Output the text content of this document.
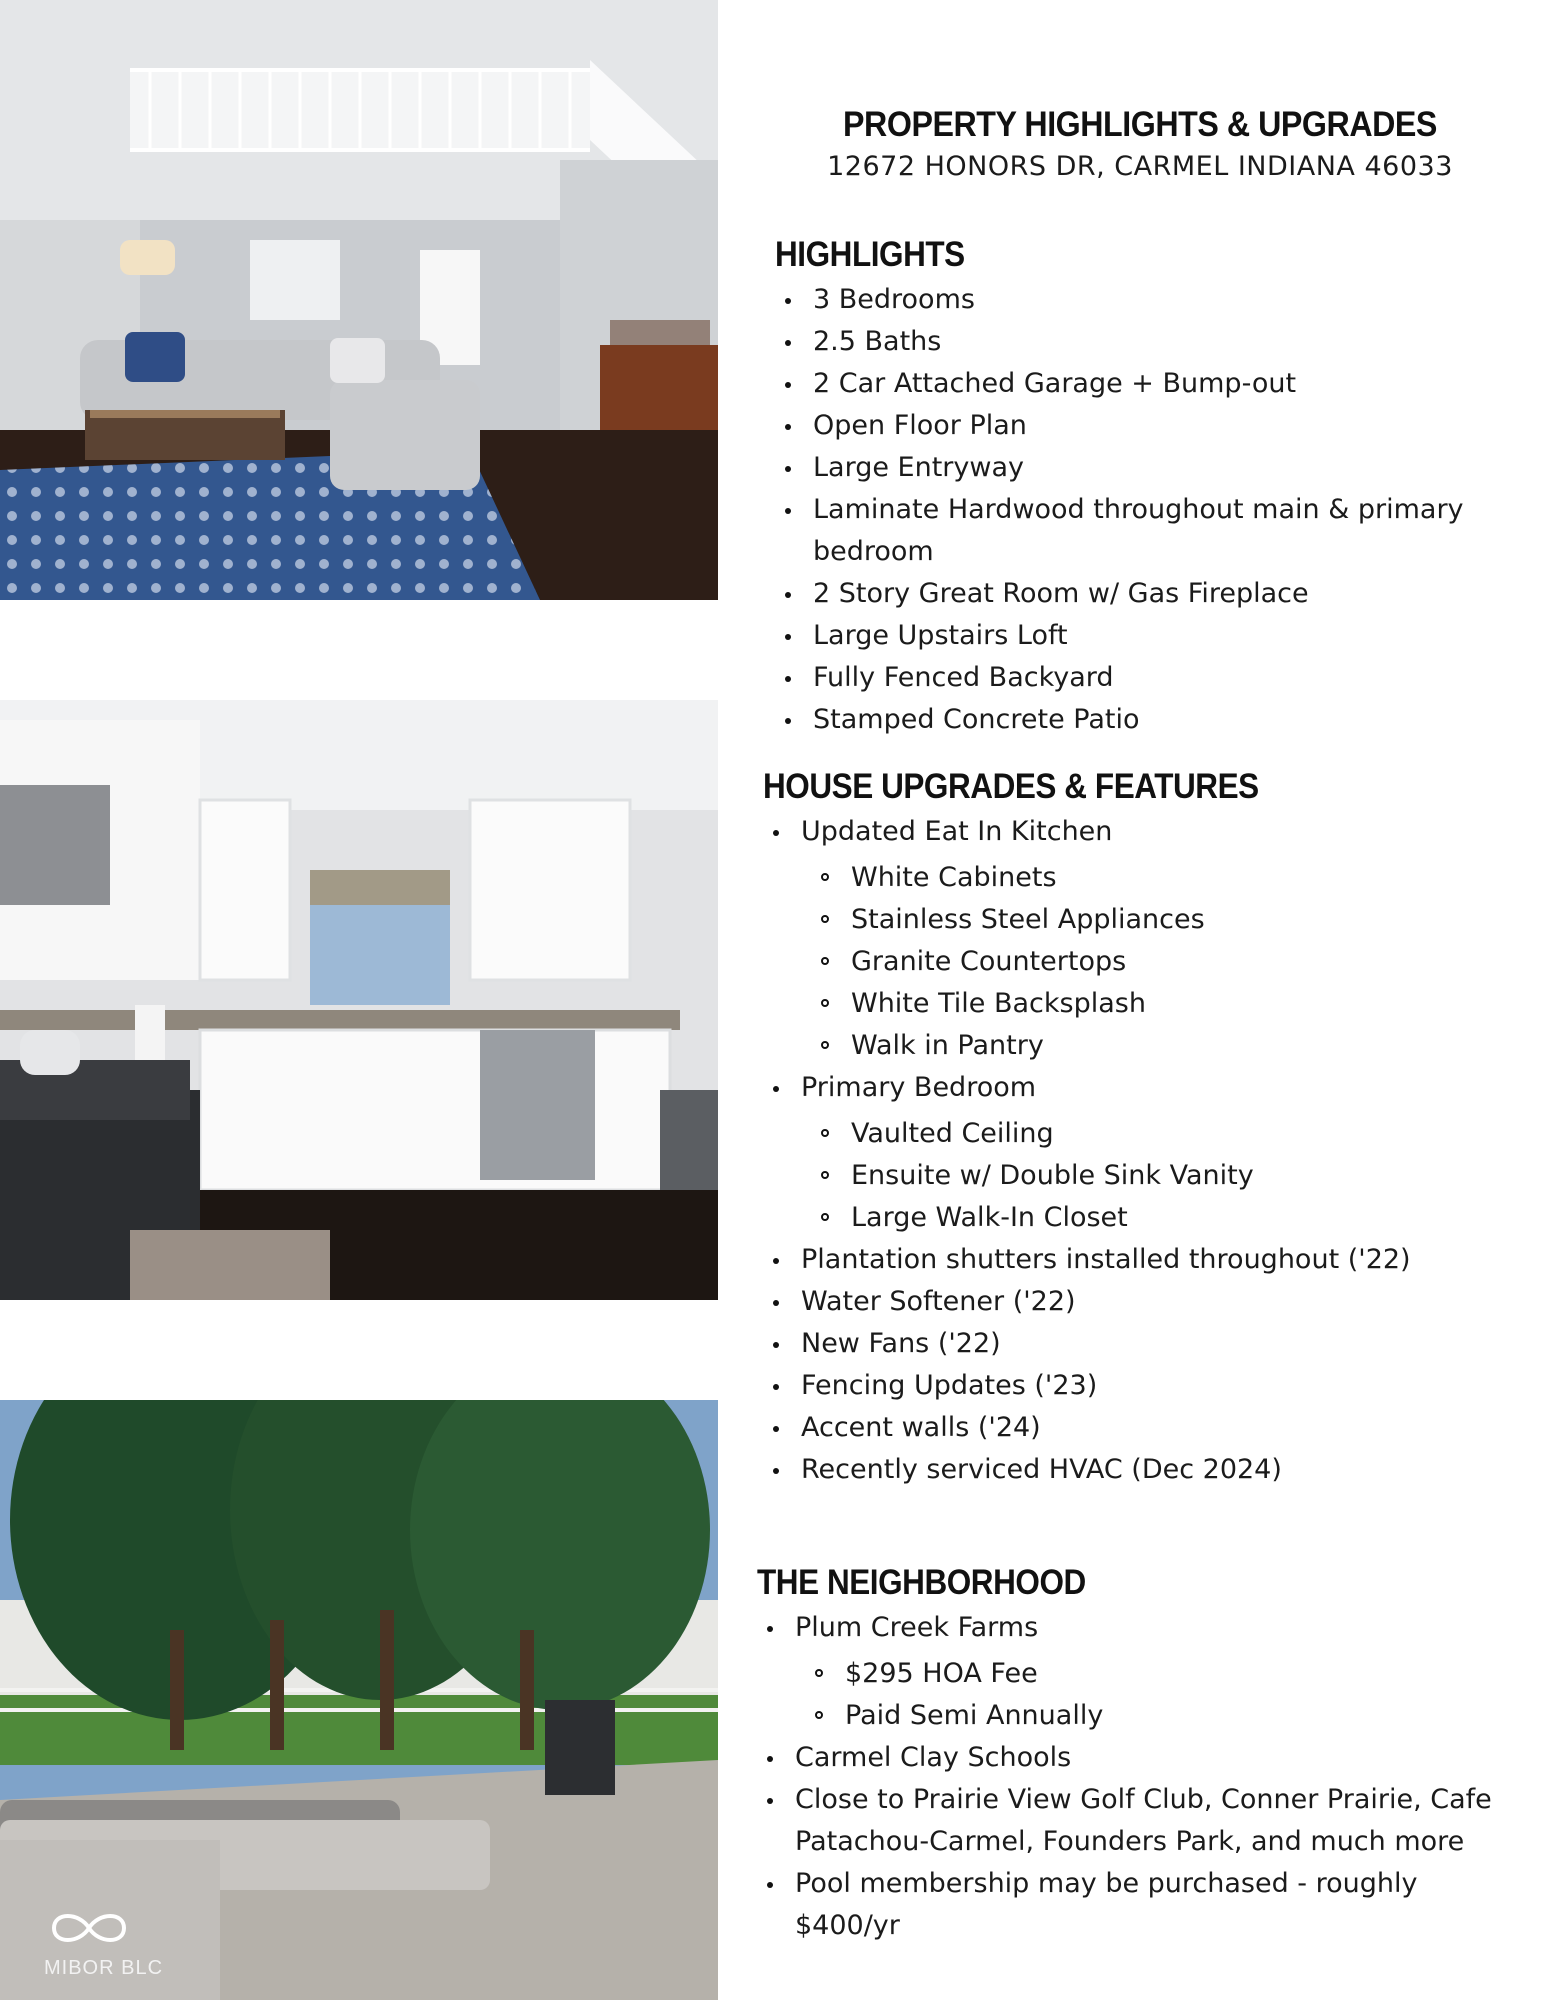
MIBOR BLC
PROPERTY HIGHLIGHTS & UPGRADES

12672 HONORS DR, CARMEL INDIANA 46033

HIGHLIGHTS
3 Bedrooms
2.5 Baths
2 Car Attached Garage + Bump-out
Open Floor Plan
Large Entryway
Laminate Hardwood throughout main & primary bedroom
2 Story Great Room w/ Gas Fireplace
Large Upstairs Loft
Fully Fenced Backyard
Stamped Concrete Patio
HOUSE UPGRADES & FEATURES
Updated Eat In Kitchen
White Cabinets
Stainless Steel Appliances
Granite Countertops
White Tile Backsplash
Walk in Pantry
Primary Bedroom
Vaulted Ceiling
Ensuite w/ Double Sink Vanity
Large Walk-In Closet
Plantation shutters installed throughout ('22)
Water Softener ('22)
New Fans ('22)
Fencing Updates ('23)
Accent walls ('24)
Recently serviced HVAC (Dec 2024)
THE NEIGHBORHOOD
Plum Creek Farms
$295 HOA Fee
Paid Semi Annually
Carmel Clay Schools
Close to Prairie View Golf Club, Conner Prairie, Cafe Patachou-Carmel, Founders Park, and much more
Pool membership may be purchased - roughly $400/yr
